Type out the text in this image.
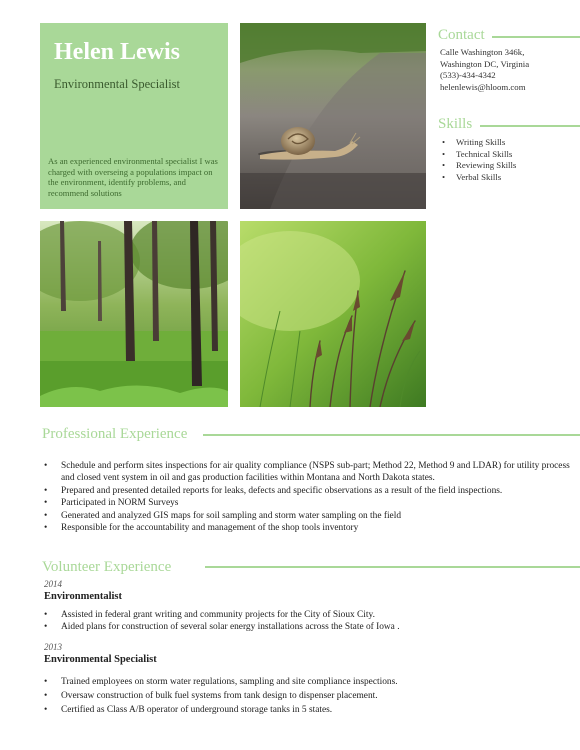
Helen Lewis
Environmental Specialist
As an experienced environmental specialist I was charged with overseing a populations impact on the environment, identify problems, and recommend solutions
Contact
Calle Washington 346k,
Washington DC, Virginia
(533)-434-4342
helenlewis@hloom.com
Skills
• Writing Skills
• Technical Skills
• Reviewing Skills
• Verbal Skills
Professional Experience
• Schedule and perform sites inspections for air quality compliance (NSPS sub-part; Method 22, Method 9 and LDAR) for utility process and closed vent system in oil and gas production facilities within Montana and North Dakota states.
• Prepared and presented detailed reports for leaks, defects and specific observations as a result of the field inspections.
• Participated in NORM Surveys
• Generated and analyzed GIS maps for soil sampling and storm water sampling on the field
• Responsible for the accountability and management of the shop tools inventory
Volunteer Experience
2014
Environmentalist
• Assisted in federal grant writing and community projects for the City of Sioux City.
• Aided plans for construction of several solar energy installations across the State of Iowa .
2013
Environmental Specialist
• Trained employees on storm water regulations, sampling and site compliance inspections.
• Oversaw construction of bulk fuel systems from tank design to dispenser placement.
• Certified as Class A/B operator of underground storage tanks in 5 states.
